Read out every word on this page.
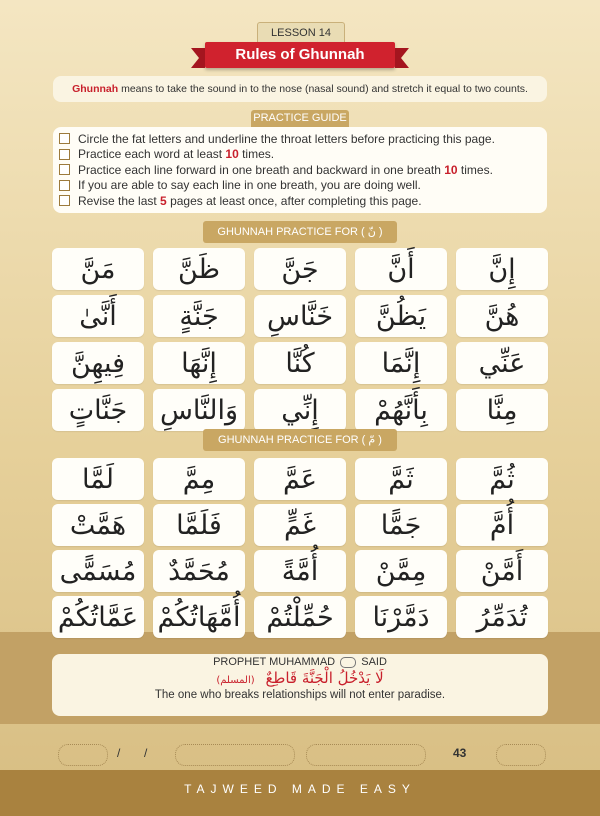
LESSON 14
Rules of Ghunnah
Ghunnah means to take the sound in to the nose (nasal sound) and stretch it equal to two counts.
PRACTICE GUIDE
Circle the fat letters and underline the throat letters before practicing this page.
Practice each word at least 10 times.
Practice each line forward in one breath and backward in one breath 10 times.
If you are able to say each line in one breath, you are doing well.
Revise the last 5 pages at least once, after completing this page.
GHUNNAH PRACTICE FOR ( نّ )
مَنَّ	ظَنَّ	جَنَّ	أَنَّ	إِنَّ
أَنَّىٰ	جَنَّةٍ	خَنَّاسِ	يَظُنَّ	هُنَّ
فِيهِنَّ	إِنَّهَا	كُنَّا	إِنَّمَا	عَنِّي
جَنَّاتٍ	وَالنَّاسِ	إِنِّي	بِأَنَّهُمْ	مِنَّا
GHUNNAH PRACTICE FOR ( مّ )
لَمَّا	مِمَّ	عَمَّ	ثَمَّ	ثُمَّ
هَمَّتْ	فَلَمَّا	غَمٍّ	جَمًّا	أُمَّ
مُسَمًّى	مُحَمَّدٌ	أُمَّةً	مِمَّنْ	أَمَّنْ
عَمَّاتُكُمْ أُمَّهَاتُكُمْ حُمِّلْتُمْ	دَمَّرْنَا	تُدَمِّرُ
PROPHET MUHAMMAD SAID
لَا يَدْخُلُ الْجَنَّةَ قَاطِعٌ (المسلم)
The one who breaks relationships will not enter paradise.
/ /	43
TAJWEED MADE EASY
